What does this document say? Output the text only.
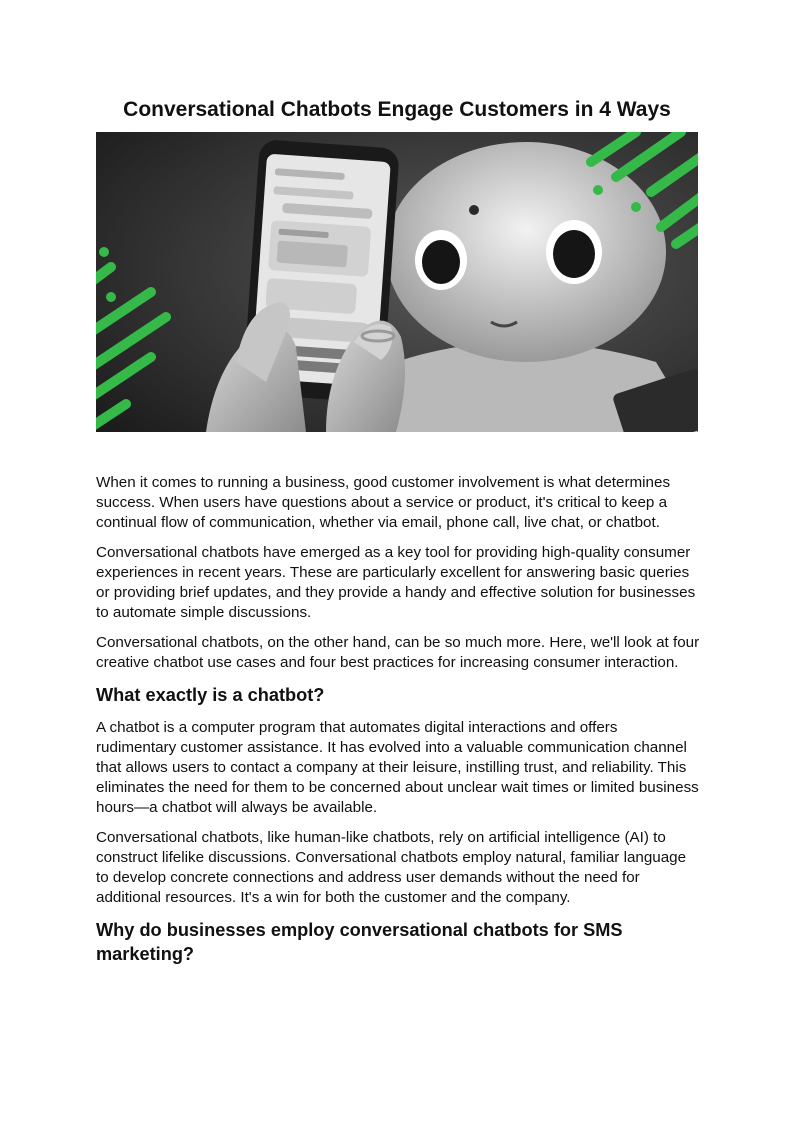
Conversational Chatbots Engage Customers in 4 Ways

When it comes to running a business, good customer involvement is what determines success. When users have questions about a service or product, it's critical to keep a continual flow of communication, whether via email, phone call, live chat, or chatbot.

Conversational chatbots have emerged as a key tool for providing high-quality consumer experiences in recent years. These are particularly excellent for answering basic queries or providing brief updates, and they provide a handy and effective solution for businesses to automate simple discussions.

Conversational chatbots, on the other hand, can be so much more. Here, we'll look at four creative chatbot use cases and four best practices for increasing consumer interaction.

What exactly is a chatbot?

A chatbot is a computer program that automates digital interactions and offers rudimentary customer assistance. It has evolved into a valuable communication channel that allows users to contact a company at their leisure, instilling trust, and reliability. This eliminates the need for them to be concerned about unclear wait times or limited business hours—a chatbot will always be available.

Conversational chatbots, like human-like chatbots, rely on artificial intelligence (AI) to construct lifelike discussions. Conversational chatbots employ natural, familiar language to develop concrete connections and address user demands without the need for additional resources. It's a win for both the customer and the company.

Why do businesses employ conversational chatbots for SMS marketing?
